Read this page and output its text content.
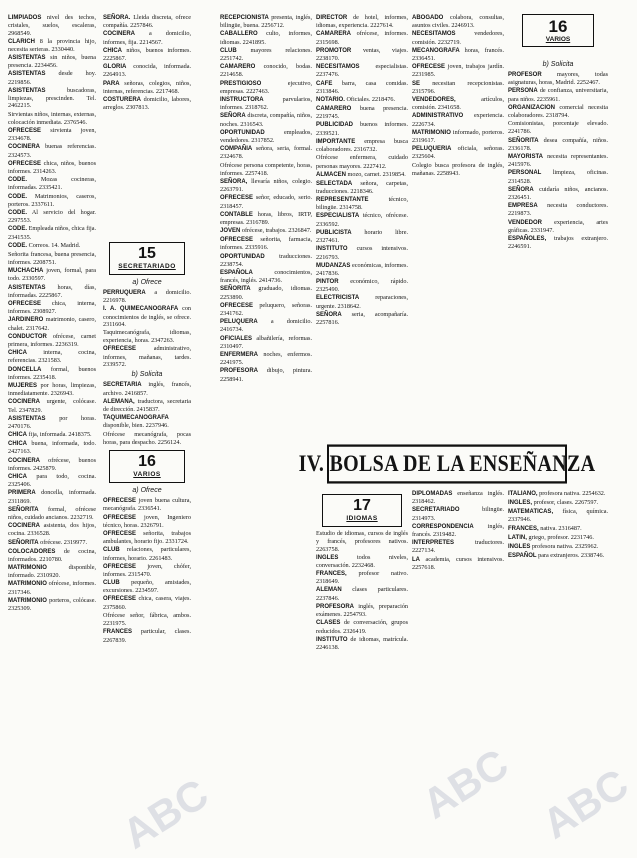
LIMPIADOS nivel des techos, cristales, suelos, escaleras, 2968549.

CLARICH 8 la provincia hijo, necesita serieras. 2330440.

ASISTENTAS sin niños, buena presencia. 2234456.

ASISTENTAS desde hoy. 2219856.

ASISTENTAS	buscadoras, limpiezas, prescinden. Tel. 2462215.

Sirvientas niños, internas, externas, colocación inmediata. 2376546.

OFRECESE sirvienta joven, 2334678.

COCINERA buenas referencias. 2324573.

OFRECESE chica, niños, buenos informes. 2314263.

CODE. Mozas cocineras, informadas. 2335421.

CODE. Matrimonios, caseros, porteros. 2337611.

CODE. Al servicio del hogar. 2297553.

CODE. Empleada niños, chica fija. 2341535.

CODE. Correos. 14. Madrid.

Señorita francesa, buena presencia, informes. 2208751.

MUCHACHA joven, formal, para todo. 2330597.

ASISTENTAS horas, días, informadas. 2225867.

OFRECESE chica, interna, informes. 2308927.

JARDINERO matrimonio, casero, chalet. 2317642.

CONDUCTOR ofrécese, carnet primera, informes. 2236319.

CHICA	interna, cocina, referencias. 2321583.

DONCELLA formal, buenos informes. 2235418.

MUJERES por horas, limpiezas, inmediatamente. 2326943.

COCINERA urgente, colócase. Tel. 2347829.

ASISTENTAS por horas. 2470176.

CHICA fija, informada. 2418375.

CHICA buena, informada, todo. 2427163.

COCINERA ofrécese, buenos informes. 2425879.

CHICA para todo, cocina. 2325406.

PRIMERA doncella, informada. 2311869.

SEÑORITA formal, ofrécese niños, cuidado ancianos. 2232719.

COCINERA asistenta, dos hijos, cocina. 2336528.

SEÑORITA ofrécese. 2319977.

COLOCADORES de cocina, informados. 2210780.

MATRIMONIO	disponible, informado. 2310920.

MATRIMONIO ofrécese, informes. 2317346.

MATRIMONIO porteros, colócase. 2325309.

SEÑORA. Lleida discreta, ofrece compañía. 2257846.

COCINERA a domicilio, informes, fija. 2214567.

CHICA niños, buenos informes. 2225867.

GLORIA conocida, informada. 2264913.

PARA señoras, colegios, niños, internas, referencias. 2217468.

COSTURERA domicilio, labores, arreglos. 2307813.

15
SECRETARIADO
a) Ofrece

PERRUQUERA a domicilio. 2216978.

I. A. QUIMECANOGRAFA con conocimientos de inglés, se ofrece. 2311604.

Taquimecanógrafa, idiomas, experiencia, horas. 2347263.

OFRECESE	administrativo, informes, mañanas, tardes. 2339572.

b) Solicita

SECRETARIA inglés, francés, archivo. 2416857.

ALEMANA, traductora, secretaria de dirección. 2415837.

TAQUIMECANOGRAFA disponible, bien. 2237946.

Ofrécese mecanógrafa, pocas horas, para despacho. 2256124.

16
VARIOS
a) Ofrece

OFRECESE joven buena cultura, mecanógrafa. 2336541.

OFRECESE joven, Ingeniero técnico, horas. 2326791.

OFRECESE señorita, trabajos ambulantes, horario fijo. 2331724.

CLUB relaciones, particulares, informes, horario. 2261483.

OFRECESE joven, chófer, informes. 2315470.

CLUB pequeño, amistades, excursiones. 2234597.

OFRECESE chica, casera, viajes. 2375860.

Ofrécese señor, fábrica, ambos. 2231975.

FRANCES particular, clases. 2267839.

RECEPCIONISTA presenta, inglés, bilingüe, buena. 2256712.

CABALLERO culto, informes, idiomas. 2241895.

CLUB mayores relaciones. 2251742.

CAMARERO conocido, bodas. 2214658.

PRESTIGIOSO	ejecutivo, empresas. 2227463.

INSTRUCTORA	parvularios, informes. 2318762.

SEÑORA discreta, compañía, niños, noches. 2316543.

OPORTUNIDAD	empleados, vendedores. 2317852.

COMPAÑIA señora, seria, formal. 2324678.

Ofrécese persona competente, horas, informes. 2257418.

SEÑORA, llevaría niños, colegio. 2263791.

OFRECESE señor, educado, serio. 2318457.

CONTABLE horas, libros, IRTP, empresas. 2316789.

JOVEN ofrécese, trabajos. 2326847.

OFRECESE señorita, farmacia, informes. 2335916.

OPORTUNIDAD traducciones. 2238754.

ESPAÑOLA	conocimientos, francés, inglés. 2414736.

SEÑORITA graduado, idiomas. 2253890.

OFRECESE peluquero, señoras. 2341762.

PELUQUERA a domicilio. 2416734.

OFICIALES albañilería, reformas. 2310497.

ENFERMERA noches, enfermos. 2241975.

PROFESORA dibujo, pintura. 2258941.

DIRECTOR de hotel, informes, idiomas, experiencia. 2227614.

CAMARERA ofrécese, informes. 2315698.

PROMOTOR ventas, viajes. 2238170.

NECESITAMOS	especialistas. 2237476.

CAFE barra, casa comidas. 2313846.

NOTARIO. Oficiales. 2218476.

CAMARERO buena presencia. 2219745.

PUBLICIDAD buenos informes. 2339521.

IMPORTANTE empresa busca colaboradores. 2316732.

Ofrécese enfermera, cuidado personas mayores. 2227412.

ALMACEN mozo, carnet. 2319854.

SELECTADA señora, carpetas, traducciones. 2218346.

REPRESENTANTE	técnico, bilingüe. 2314758.

ESPECIALISTA técnico, ofrécese. 2336592.

PUBLICISTA horario libre. 2327461.

INSTITUTO cursos intensivos. 2216793.

MUDANZAS económicas, informes. 2417836.

PINTOR económico, rápido. 2325490.

ELECTRICISTA	reparaciones, urgente. 2318642.

SEÑORA seria, acompañaría. 2257816.

ABOGADO colabora, consultas, asuntos civiles. 2246913.

NECESITAMOS	vendedores, comisión. 2232719.

MECANOGRAFA horas, francés. 2336451.

OFRECESE joven, trabajos jardín. 2231985.

SE necesitan recepcionistas. 2315796.

VENDEDORES,	artículos, comisión. 2341658.

ADMINISTRATIVO experiencia. 2226734.

MATRIMONIO informado, porteros. 2319617.

PELUQUERIA oficiala, señoras. 2325604.

Colegio busca profesora de inglés, mañanas. 2258943.

16
VARIOS
b) Solicita

PROFESOR mayores, todas asignaturas, horas, Madrid. 2252467.

PERSONA de confianza, universitaria, para niños. 2235961.

ORGANIZACION comercial necesita colaboradores. 2318794.

Comisionistas, porcentaje elevado. 2241786.

SEÑORITA desea compañía, niños. 2336178.

MAYORISTA necesita representantes. 2415976.

PERSONAL limpieza, oficinas. 2314528.

SEÑORA cuidaría niños, ancianos. 2326451.

EMPRESA necesita conductores. 2219873.

VENDEDOR experiencia, artes gráficas. 2331947.

ESPAÑOLES, trabajos extranjero. 2246591.

IV. BOLSA DE LA ENSEÑANZA
17
IDIOMAS

Estudio de idiomas, cursos de inglés y francés, profesores nativos. 2263758.

INGLES	todos niveles, conversación. 2232468.

FRANCES, profesor nativo. 2318649.

ALEMAN clases particulares. 2237846.

PROFESORA inglés, preparación exámenes. 2254793.

CLASES de conversación, grupos reducidos. 2326419.

INSTITUTO de idiomas, matrícula. 2246138.

DIPLOMADAS enseñanza inglés. 2318462.

SECRETARIADO	bilingüe. 2314973.

CORRESPONDENCIA inglés, francés. 2319482.

INTERPRETES	traductores. 2227134.

LA academia, cursos intensivos. 2257618.

ITALIANO, profesora nativa. 2254632.

INGLES, profesor, clases. 2267597.

MATEMATICAS, física, química. 2337946.

FRANCES, nativa. 2316487.

LATIN, griego, profesor. 2231746.

INGLES profesora nativa. 2325962.

ESPAÑOL para extranjeros. 2338746.

ABC
ABC	ABC
